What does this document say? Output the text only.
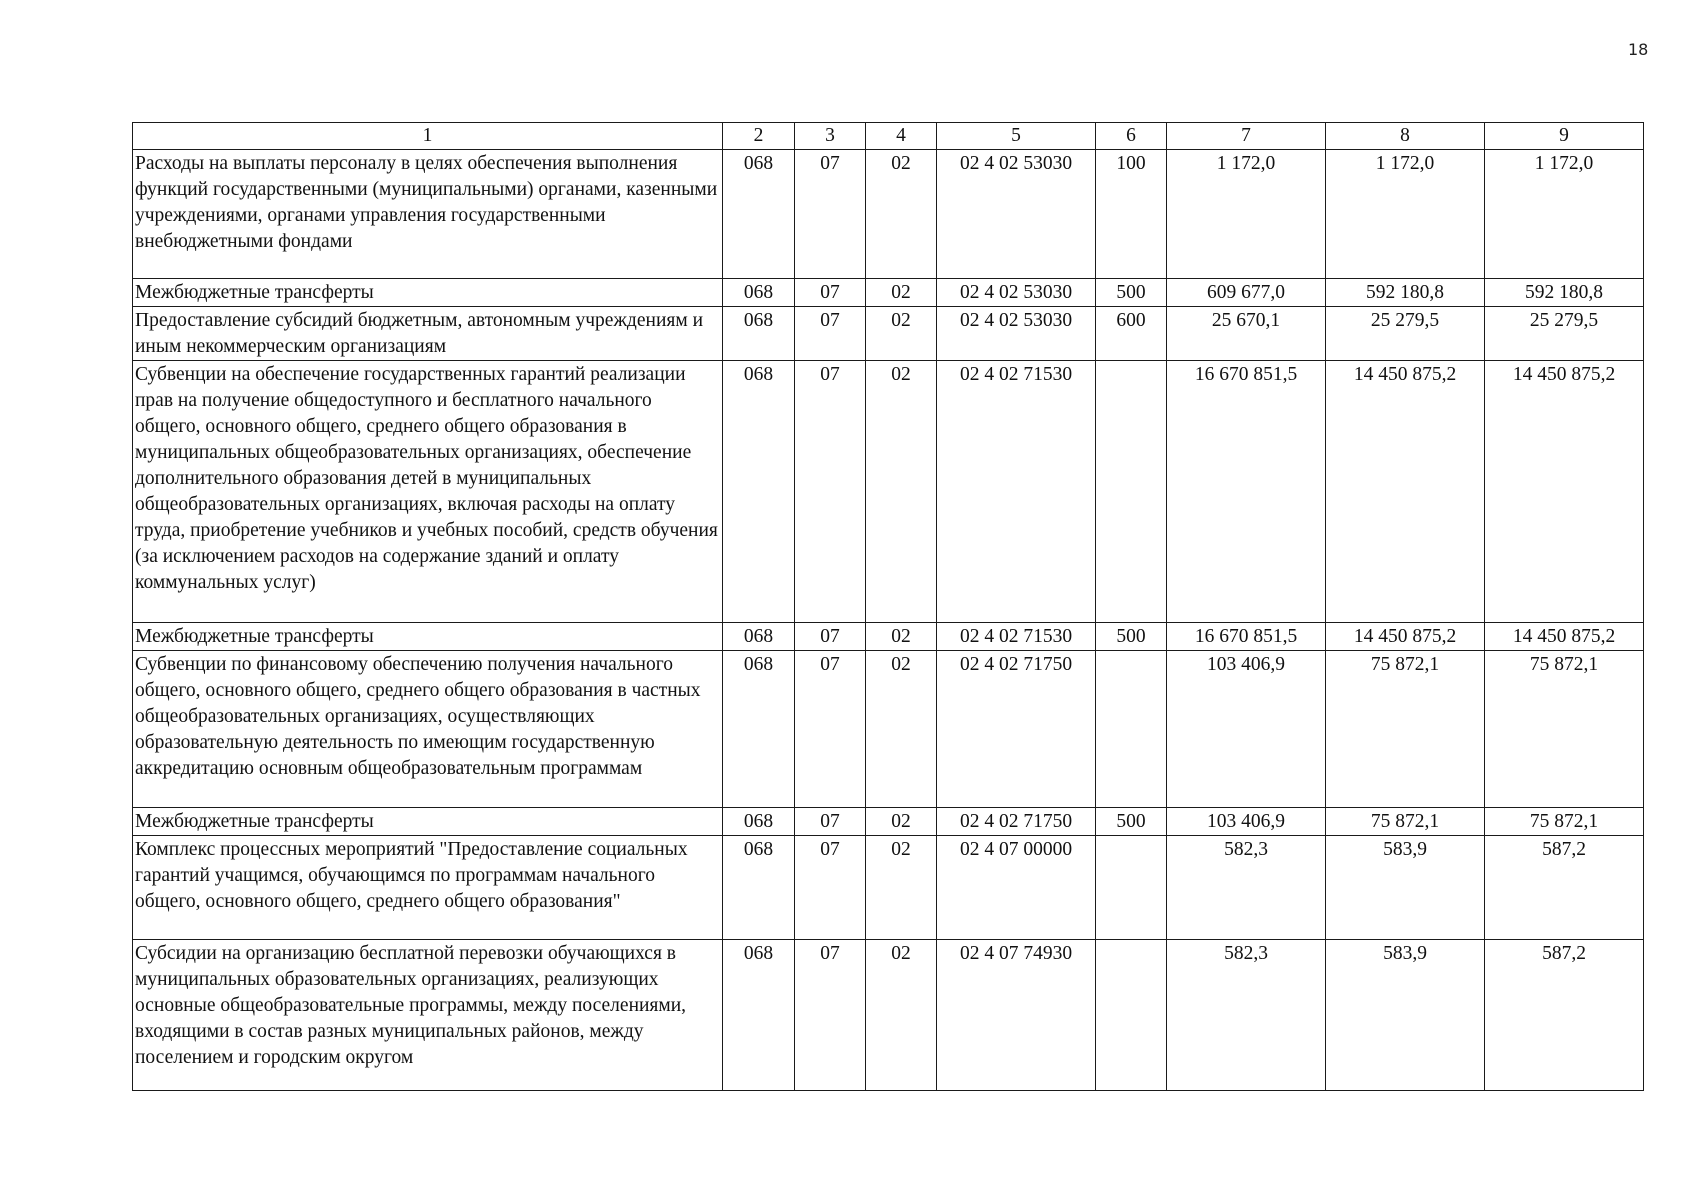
18
1	2	3	4	5	6	7	8	9
Расходы на выплаты персоналу в целях обеспечения выполнения функций государственными (муниципальными) органами, казенными учреждениями, органами управления государственными внебюджетными фондами	068	07	02	02 4 02 53030	100	1 172,0	1 172,0	1 172,0
Межбюджетные трансферты	068	07	02	02 4 02 53030	500	609 677,0	592 180,8	592 180,8
Предоставление субсидий бюджетным, автономным учреждениям и иным некоммерческим организациям	068	07	02	02 4 02 53030	600	25 670,1	25 279,5	25 279,5
Субвенции на обеспечение государственных гарантий реализации прав на получение общедоступного и бесплатного начального общего, основного общего, среднего общего образования в муниципальных общеобразовательных организациях, обеспечение дополнительного образования детей в муниципальных общеобразовательных организациях, включая расходы на оплату труда, приобретение учебников и учебных пособий, средств обучения (за исключением расходов на содержание зданий и оплату коммунальных услуг)	068	07	02	02 4 02 71530		16 670 851,5	14 450 875,2	14 450 875,2
Межбюджетные трансферты	068	07	02	02 4 02 71530	500	16 670 851,5	14 450 875,2	14 450 875,2
Субвенции по финансовому обеспечению получения начального общего, основного общего, среднего общего образования в частных общеобразовательных организациях, осуществляющих образовательную деятельность по имеющим государственную аккредитацию основным общеобразовательным программам	068	07	02	02 4 02 71750		103 406,9	75 872,1	75 872,1
Межбюджетные трансферты	068	07	02	02 4 02 71750	500	103 406,9	75 872,1	75 872,1
Комплекс процессных мероприятий "Предоставление социальных гарантий учащимся, обучающимся по программам начального общего, основного общего, среднего общего образования"	068	07	02	02 4 07 00000		582,3	583,9	587,2
Субсидии на организацию бесплатной перевозки обучающихся в муниципальных образовательных организациях, реализующих основные общеобразовательные программы, между поселениями, входящими в состав разных муниципальных районов, между поселением и городским округом	068	07	02	02 4 07 74930		582,3	583,9	587,2
